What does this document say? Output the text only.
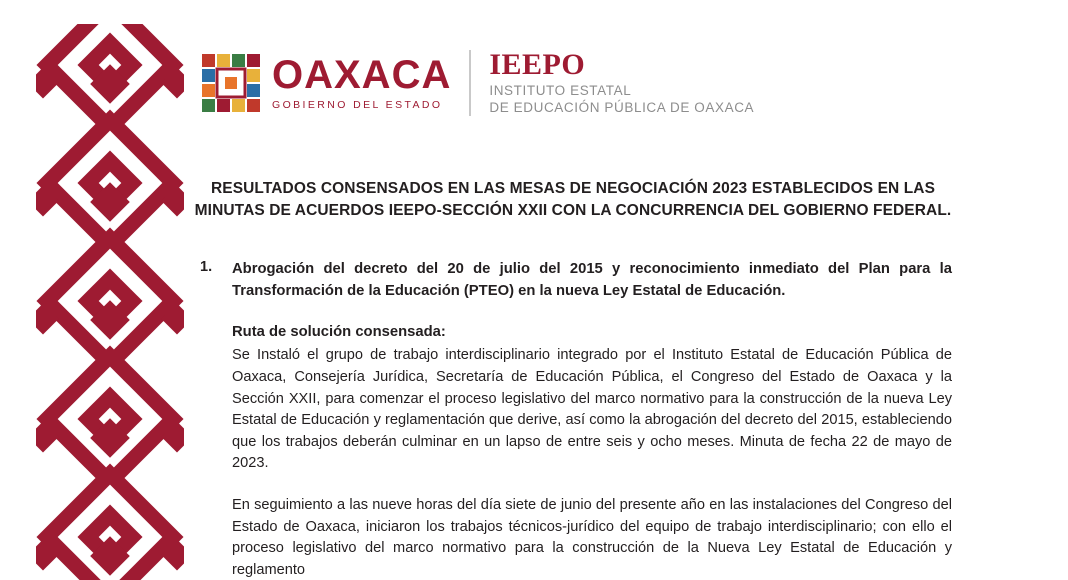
OAXACA
GOBIERNO DEL ESTADO
IEEPO
INSTITUTO ESTATAL
DE EDUCACIÓN PÚBLICA DE OAXACA
RESULTADOS CONSENSADOS EN LAS MESAS DE NEGOCIACIÓN 2023 ESTABLECIDOS EN LAS MINUTAS DE ACUERDOS IEEPO-SECCIÓN XXII CON LA CONCURRENCIA DEL GOBIERNO FEDERAL.
1.	Abrogación del decreto del 20 de julio del 2015 y reconocimiento inmediato del Plan para la Transformación de la Educación (PTEO) en la nueva Ley Estatal de Educación.
Ruta de solución consensada:
Se Instaló el grupo de trabajo interdisciplinario integrado por el Instituto Estatal de Educación Pública de Oaxaca, Consejería Jurídica, Secretaría de Educación Pública, el Congreso del Estado de Oaxaca y la Sección XXII, para comenzar el proceso legislativo del marco normativo para la construcción de la nueva Ley Estatal de Educación y reglamentación que derive, así como la abrogación del decreto del 2015, estableciendo que los trabajos deberán culminar en un lapso de entre seis y ocho meses. Minuta de fecha 22 de mayo de 2023.
En seguimiento a las nueve horas del día siete de junio del presente año en las instalaciones del Congreso del Estado de Oaxaca, iniciaron los trabajos técnicos-jurídico del equipo de trabajo interdisciplinario; con ello el proceso legislativo del marco normativo para la construcción de la Nueva Ley Estatal de Educación y reglamento
